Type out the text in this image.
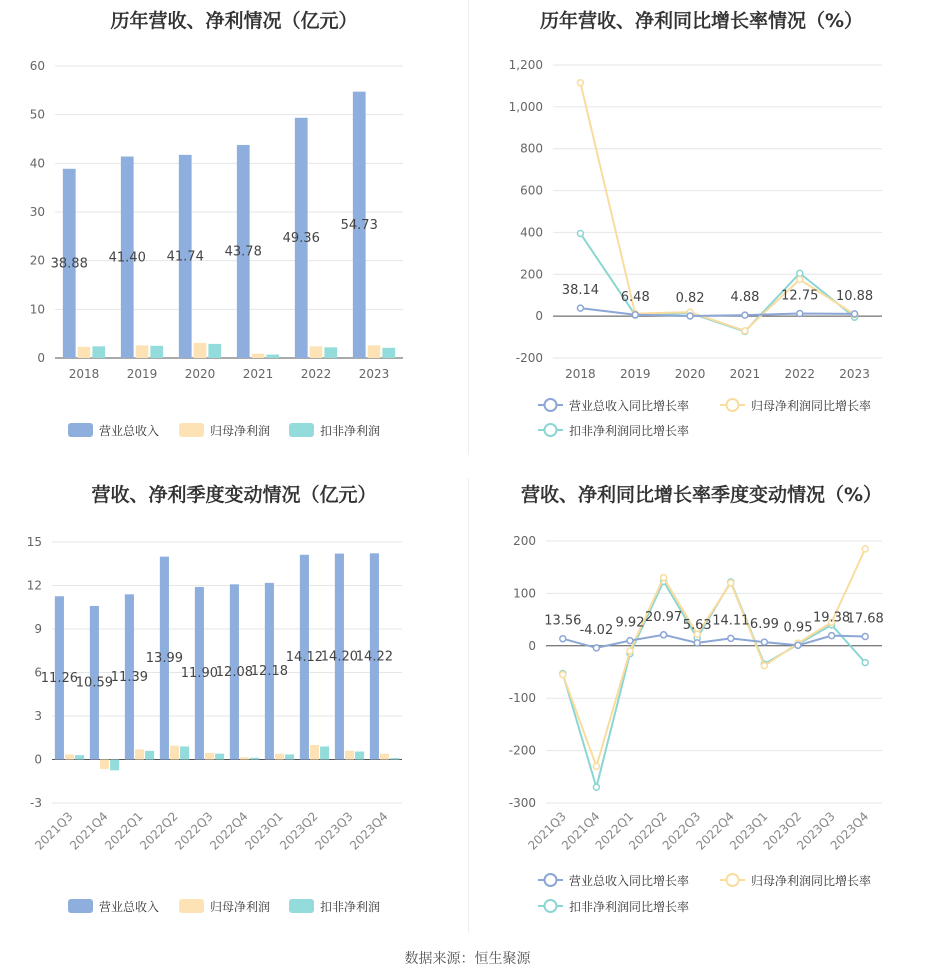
历年营收、净利情况（亿元）
0
10
20
30
40
50
60
38.88
2018
41.40
2019
41.74
2020
43.78
2021
49.36
2022
54.73
2023
营业总收入	归母净利润	扣非净利润
历年营收、净利同比增长率情况（%）
-200
0
200
400
600
800
1,000
1,200
2018 2019 2020 2021 2022 2023
38.14 6.48 0.82 4.88 12.75 10.88
营业总收入同比增长率	归母净利润同比增长率
扣非净利润同比增长率
营收、净利季度变动情况（亿元）
-3
0
3
6
9
12
15
11.26
2021Q3
10.59
2021Q4
11.39
2022Q1
13.99
2022Q2
11.90
2022Q3
12.08
2022Q4
12.18
2023Q1
14.12
2023Q2
14.20
2023Q3
14.22
2023Q4
营业总收入	归母净利润	扣非净利润
营收、净利同比增长率季度变动情况（%）
-300
-200
-100
0
100
200
2021Q3
2021Q4
2022Q1
2022Q2
2022Q3
2022Q4
2023Q1
2023Q2
2023Q3
2023Q4
13.56
-4.02 9.92 20.97
5.63 14.11 6.99 0.95
19.38
17.68
营业总收入同比增长率	归母净利润同比增长率
扣非净利润同比增长率
数据来源：恒生聚源
